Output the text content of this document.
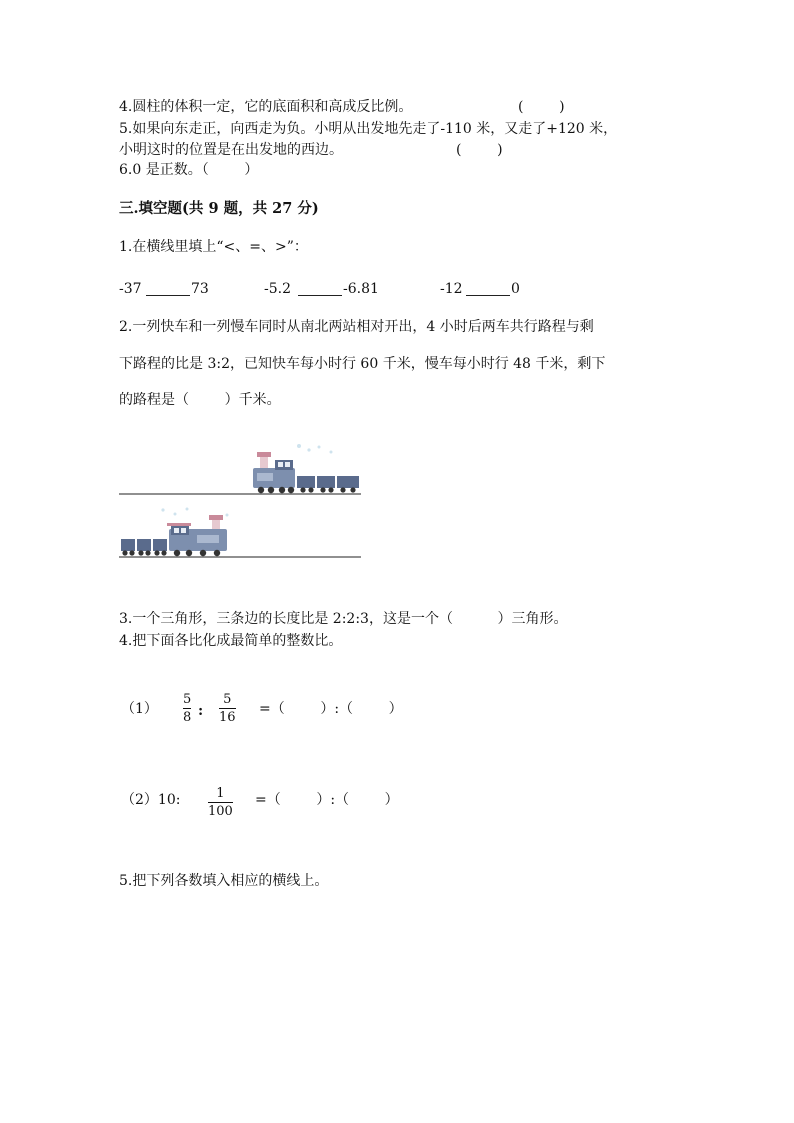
4.圆柱的体积一定，它的底面积和高成反比例。	(        )
5.如果向东走正，向西走为负。小明从出发地先走了-110 米，又走了+120 米，
小明这时的位置是在出发地的西边。	(        )
6.0 是正数。（        ）
三.填空题(共 9 题，共 27 分)
1.在横线里填上“<、=、>”：
-37	73	-5.2	-6.81	-12	0
2.一列快车和一列慢车同时从南北两站相对开出，4 小时后两车共行路程与剩
下路程的比是 3:2，已知快车每小时行 60 千米，慢车每小时行 48 千米，剩下
的路程是（        ）千米。
3.一个三角形，三条边的长度比是 2:2:3，这是一个（          ）三角形。
4.把下面各比化成最简单的整数比。
（1）
5
8 :
5
16
=（        ）:（        ）
（2）10:	1
100
=（        ）:（        ）
5.把下列各数填入相应的横线上。
